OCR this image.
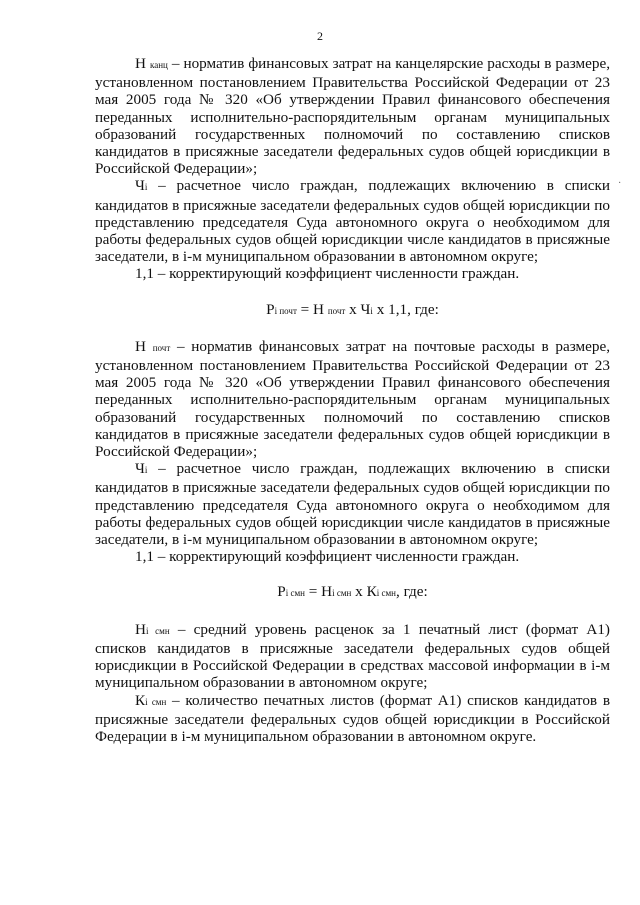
2
·

Н канц – норматив финансовых затрат на канцелярские расходы в размере, установленном постановлением Правительства Российской Федерации от 23 мая 2005 года № 320 «Об утверждении Правил финансового обеспечения переданных исполнительно-распорядительным органам муниципальных образований государственных полномочий по составлению списков кандидатов в присяжные заседатели федеральных судов общей юрисдикции в Российской Федерации»;

Чi – расчетное число граждан, подлежащих включению в списки кандидатов в присяжные заседатели федеральных судов общей юрисдикции по представлению председателя Суда автономного округа о необходимом для работы федеральных судов общей юрисдикции числе кандидатов в присяжные заседатели, в i-м муниципальном образовании в автономном округе;

1,1 – корректирующий коэффициент численности граждан.

Рi почт = Н почт х Чi х 1,1, где:

Н почт – норматив финансовых затрат на почтовые расходы в размере, установленном постановлением Правительства Российской Федерации от 23 мая 2005 года № 320 «Об утверждении Правил финансового обеспечения переданных исполнительно-распорядительным органам муниципальных образований государственных полномочий по составлению списков кандидатов в присяжные заседатели федеральных судов общей юрисдикции в Российской Федерации»;

Чi – расчетное число граждан, подлежащих включению в списки кандидатов в присяжные заседатели федеральных судов общей юрисдикции по представлению председателя Суда автономного округа о необходимом для работы федеральных судов общей юрисдикции числе кандидатов в присяжные заседатели, в i-м муниципальном образовании в автономном округе;

1,1 – корректирующий коэффициент численности граждан.

Рi смн = Нi смн х Кi смн, где:

Нi смн – средний уровень расценок за 1 печатный лист (формат А1) списков кандидатов в присяжные заседатели федеральных судов общей юрисдикции в Российской Федерации в средствах массовой информации в i-м муниципальном образовании в автономном округе;

Кi смн – количество печатных листов (формат А1) списков кандидатов в присяжные заседатели федеральных судов общей юрисдикции в Российской Федерации в i-м муниципальном образовании в автономном округе.
